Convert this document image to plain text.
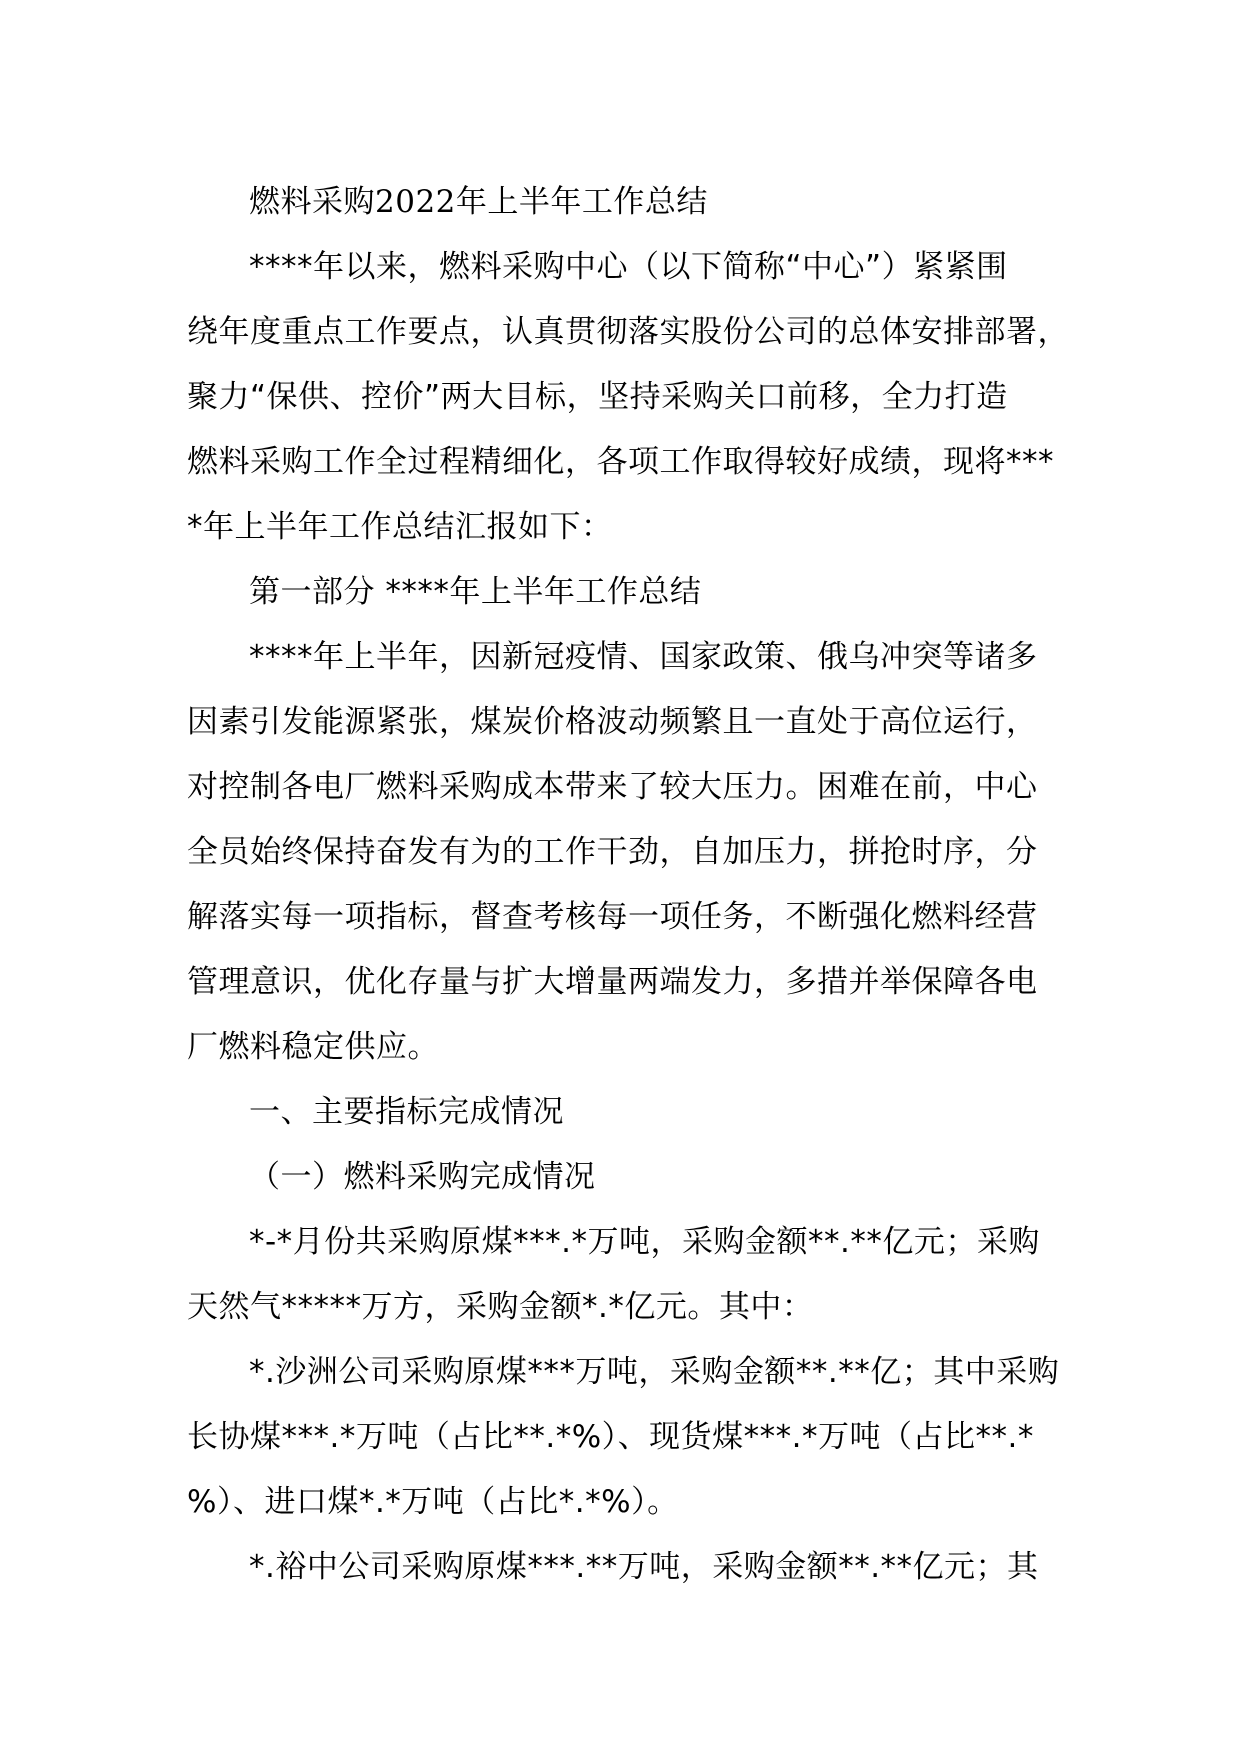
燃料采购2022年上半年工作总结
****年以来，燃料采购中心（以下简称“中心”）紧紧围
绕年度重点工作要点，认真贯彻落实股份公司的总体安排部署，
聚力“保供、控价”两大目标，坚持采购关口前移，全力打造
燃料采购工作全过程精细化，各项工作取得较好成绩，现将***
*年上半年工作总结汇报如下：
第一部分 ****年上半年工作总结
****年上半年，因新冠疫情、国家政策、俄乌冲突等诸多
因素引发能源紧张，煤炭价格波动频繁且一直处于高位运行，
对控制各电厂燃料采购成本带来了较大压力。困难在前，中心
全员始终保持奋发有为的工作干劲，自加压力，拼抢时序，分
解落实每一项指标，督查考核每一项任务，不断强化燃料经营
管理意识，优化存量与扩大增量两端发力，多措并举保障各电
厂燃料稳定供应。
一、主要指标完成情况
（一）燃料采购完成情况
*-*月份共采购原煤***.*万吨，采购金额**.**亿元；采购
天然气*****万方，采购金额*.*亿元。其中：
*.沙洲公司采购原煤***万吨，采购金额**.**亿；其中采购
长协煤***.*万吨（占比**.*%）、现货煤***.*万吨（占比**.*
%）、进口煤*.*万吨（占比*.*%）。
*.裕中公司采购原煤***.**万吨，采购金额**.**亿元；其
